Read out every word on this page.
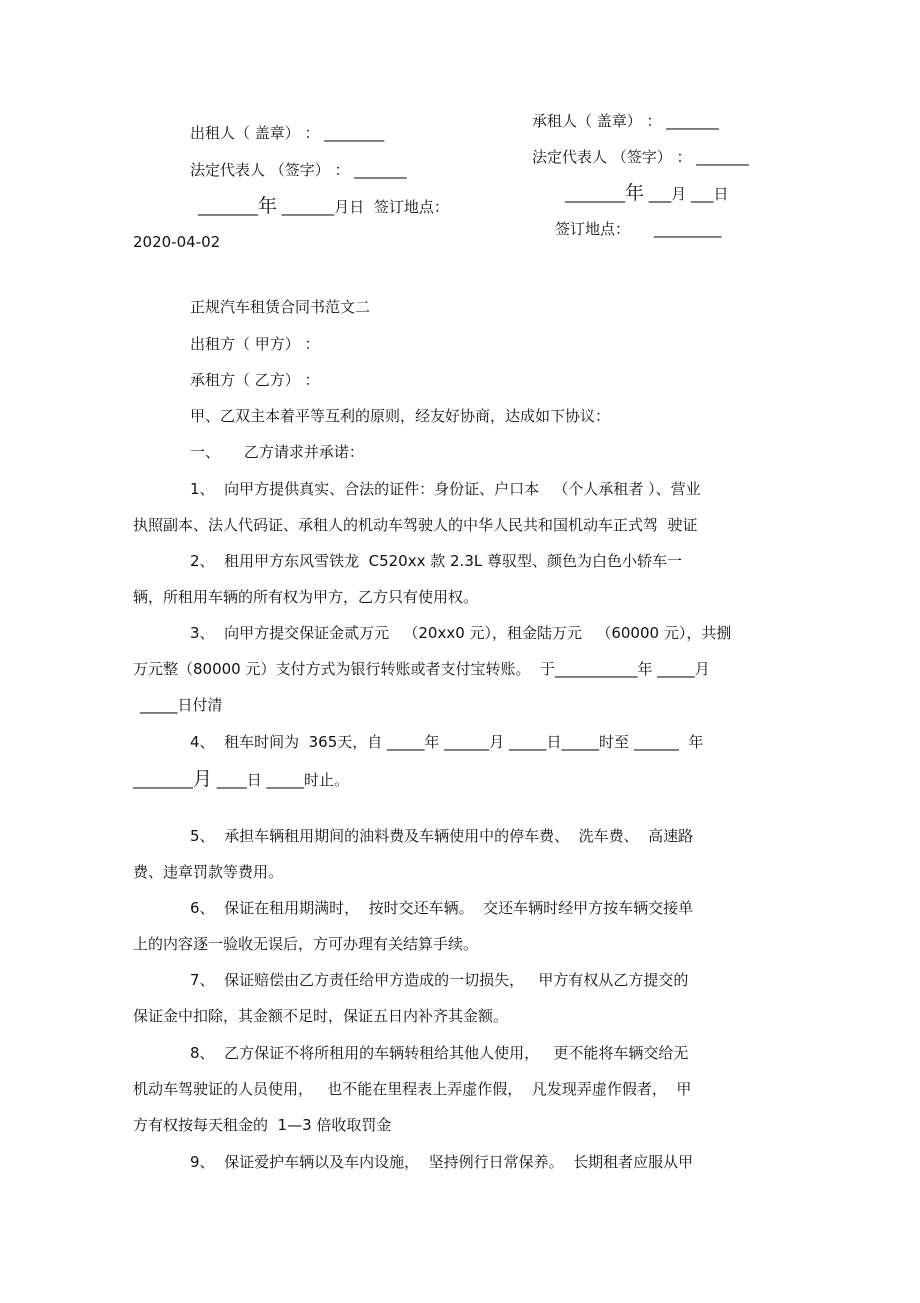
出租人（ 盖章） ： ________
法定代表人 （签字） ： _______
________年 _______月日  签订地点：
2020-04-02
承租人（ 盖章） ： _______
法定代表人 （签字） ： _______
________年 ___月 ___日
签订地点：     _________
正规汽车租赁合同书范文二
出租方（ 甲方） ：
承租方（ 乙方） ：
甲、乙双主本着平等互利的原则，经友好协商，达成如下协议：
一、     乙方请求并承诺：
1、  向甲方提供真实、合法的证件：身份证、户口本   （个人承租者 ）、营业
执照副本、法人代码证、承租人的机动车驾驶人的中华人民共和国机动车正式驾  驶证
2、  租用甲方东风雪铁龙  C520xx 款 2.3L 尊驭型、颜色为白色小轿车一
辆，所租用车辆的所有权为甲方，乙方只有使用权。
3、  向甲方提交保证金贰万元   （20xx0 元），租金陆万元   （60000 元），共捌
万元整（80000 元）支付方式为银行转账或者支付宝转账。  于___________年 _____月
_____日付清
4、  租车时间为  365天，自 _____年 ______月 _____日_____时至 ______  年
________月 ____日 _____时止。
5、  承担车辆租用期间的油料费及车辆使用中的停车费、  洗车费、  高速路
费、违章罚款等费用。
6、  保证在租用期满时，  按时交还车辆。  交还车辆时经甲方按车辆交接单
上的内容逐一验收无误后，方可办理有关结算手续。
7、  保证赔偿由乙方责任给甲方造成的一切损失，   甲方有权从乙方提交的
保证金中扣除，其金额不足时，保证五日内补齐其金额。
8、  乙方保证不将所租用的车辆转租给其他人使用，   更不能将车辆交给无
机动车驾驶证的人员使用，   也不能在里程表上弄虚作假，  凡发现弄虚作假者，  甲
方有权按每天租金的  1—3 倍收取罚金
9、  保证爱护车辆以及车内设施，  坚持例行日常保养。  长期租者应服从甲
